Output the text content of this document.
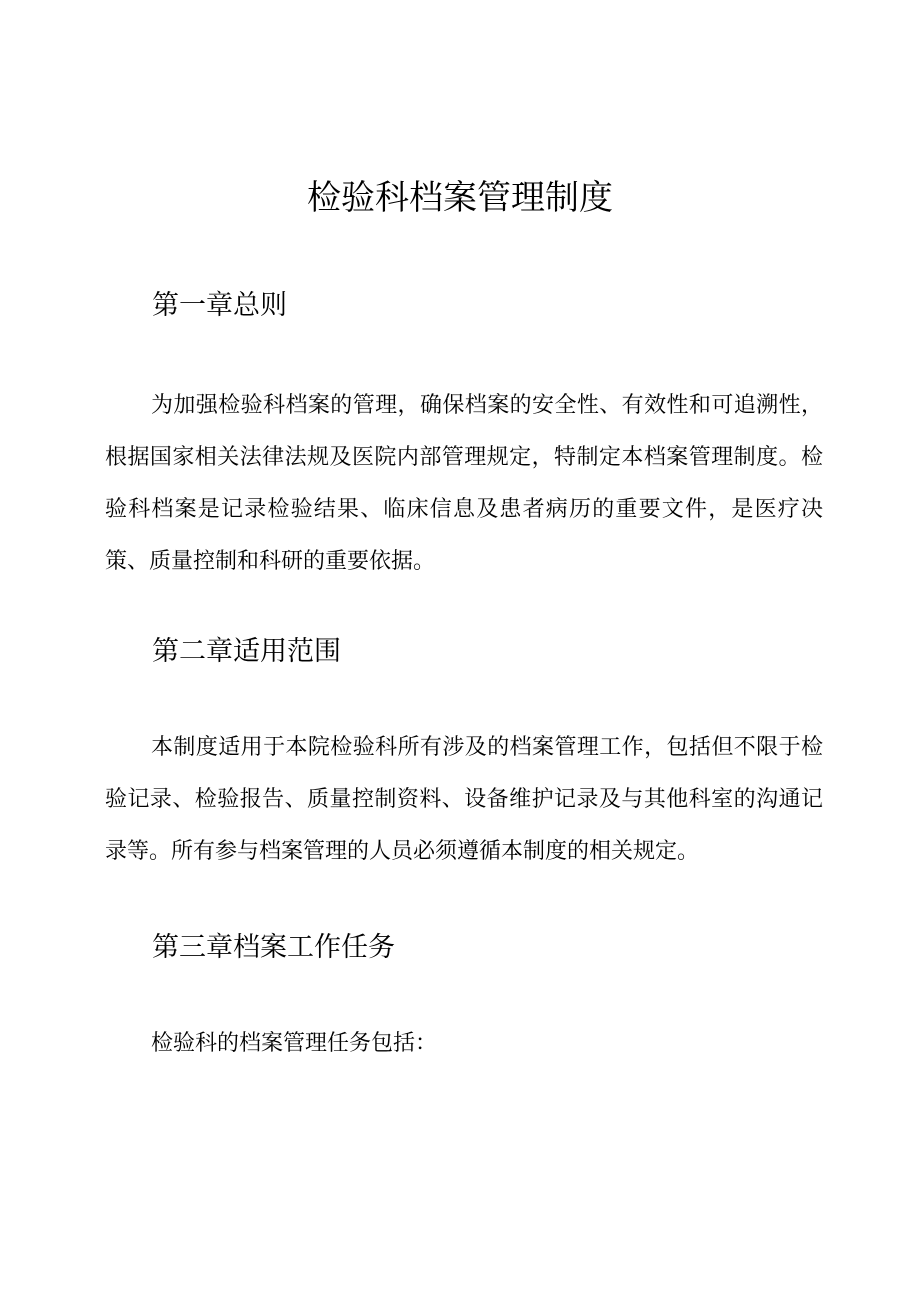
检验科档案管理制度
第一章总则

为加强检验科档案的管理，确保档案的安全性、有效性和可追溯性，根据国家相关法律法规及医院内部管理规定，特制定本档案管理制度。检验科档案是记录检验结果、临床信息及患者病历的重要文件，是医疗决策、质量控制和科研的重要依据。

第二章适用范围

本制度适用于本院检验科所有涉及的档案管理工作，包括但不限于检验记录、检验报告、质量控制资料、设备维护记录及与其他科室的沟通记录等。所有参与档案管理的人员必须遵循本制度的相关规定。

第三章档案工作任务

检验科的档案管理任务包括：
